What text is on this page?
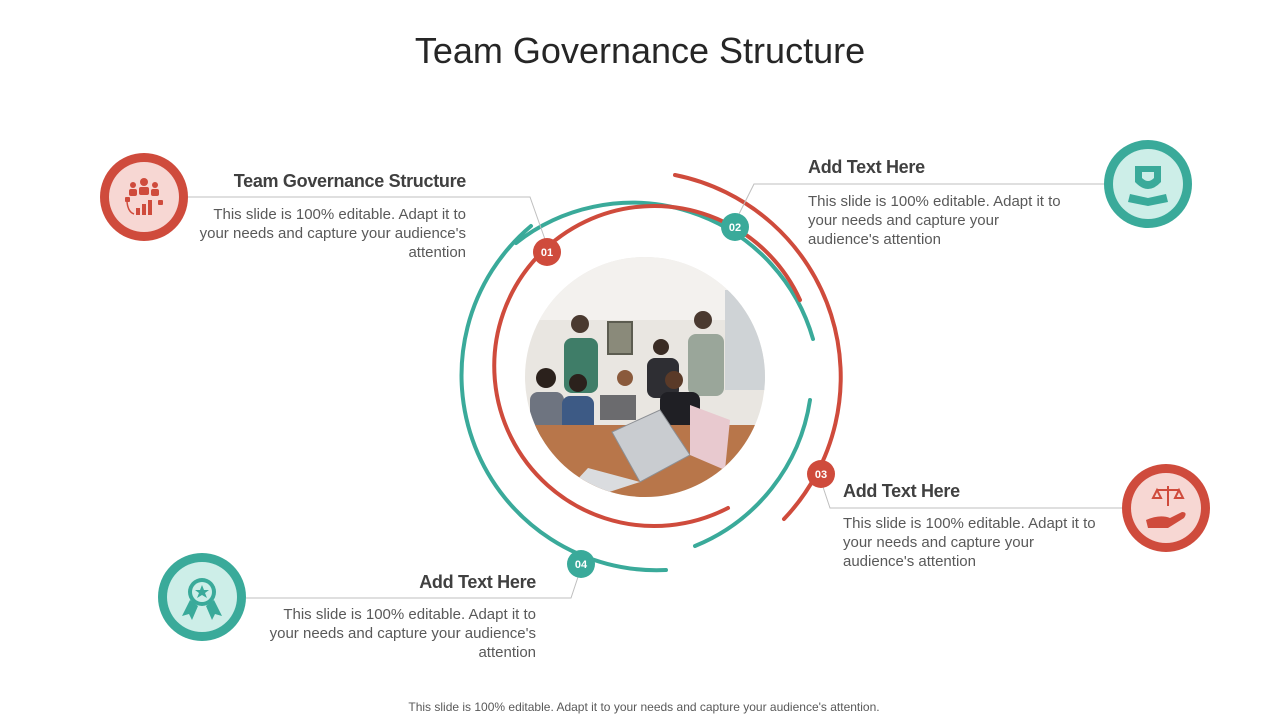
Team Governance Structure
01
02
03
04
Team Governance Structure
This slide is 100% editable. Adapt it to your needs and capture your audience's attention
Add Text Here
This slide is 100% editable. Adapt it to your needs and capture your audience's attention
Add Text Here
This slide is 100% editable. Adapt it to your needs and capture your audience's attention
Add Text Here
This slide is 100% editable. Adapt it to your needs and capture your audience's attention
This slide is 100% editable. Adapt it to your needs and capture your audience's attention.
